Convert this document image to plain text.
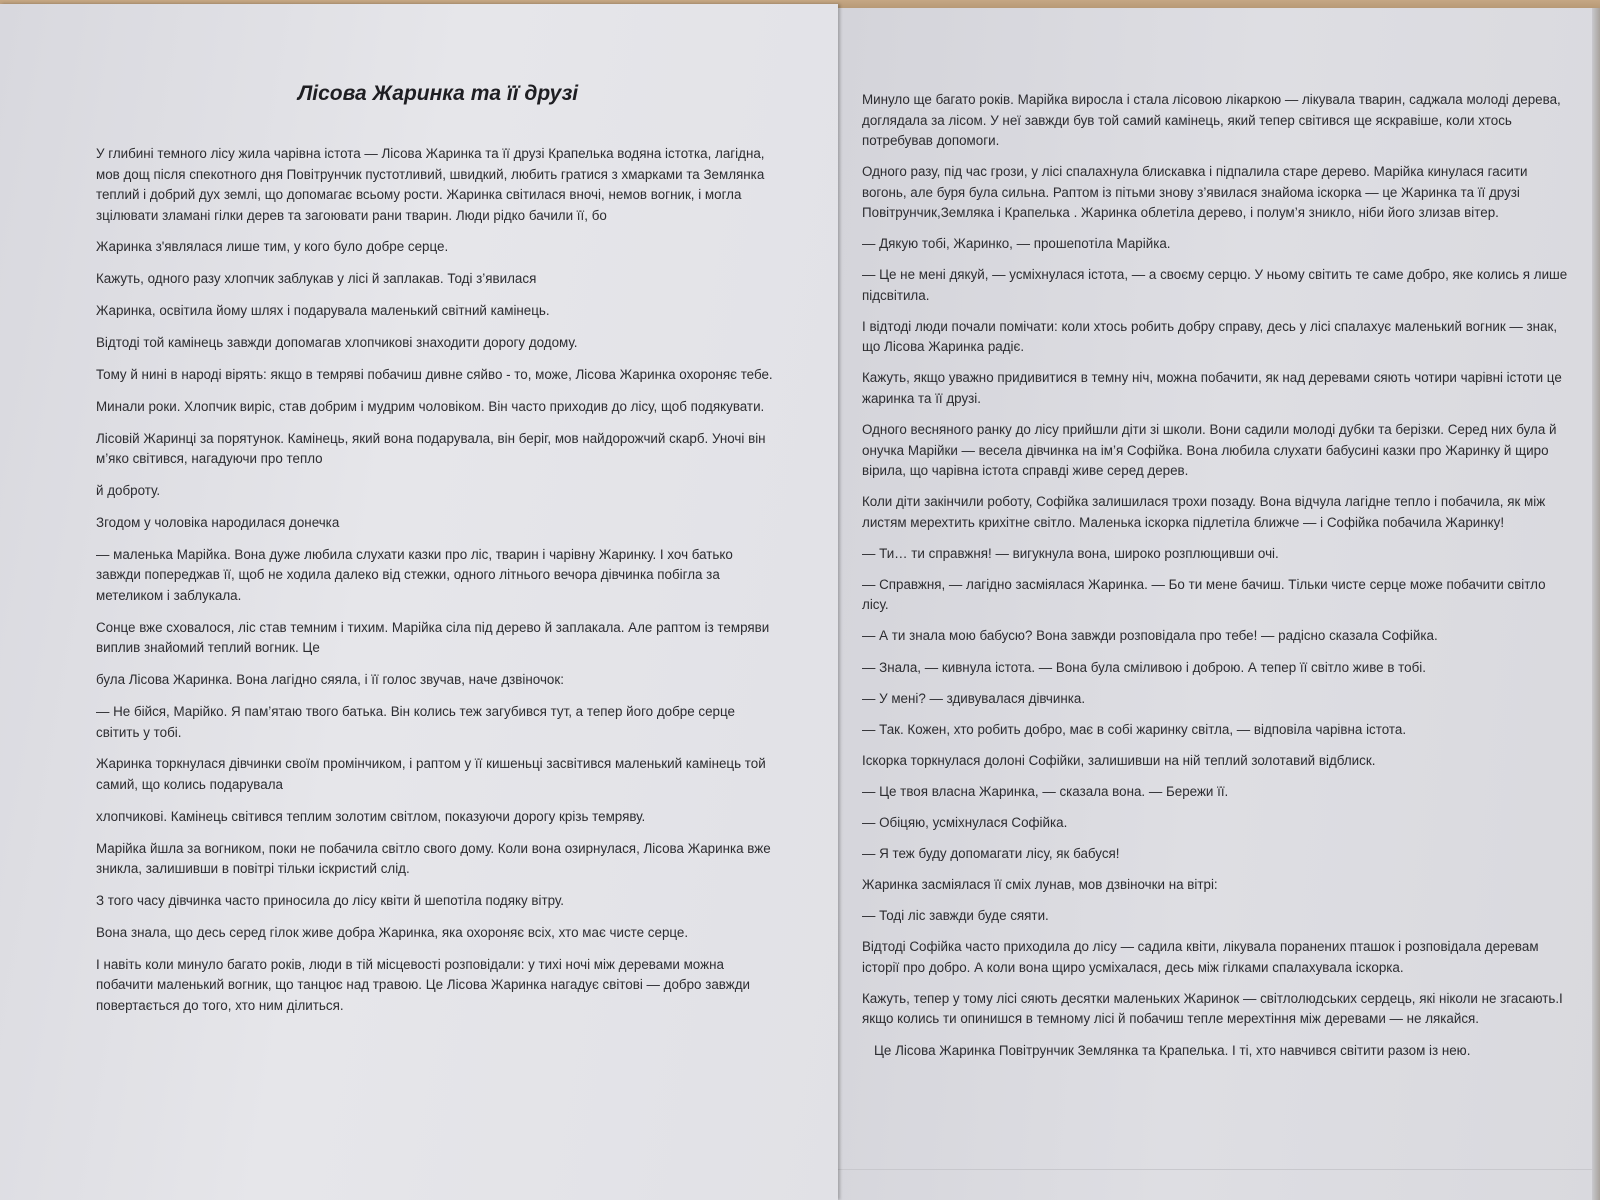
Лісова Жаринка та її друзі

У глибині темного лісу жила чарівна істота — Лісова Жаринка та її друзі Крапелька водяна істотка, лагідна, мов дощ після спекотного дня Повітрунчик пустотливий, швидкий, любить гратися з хмарками та Землянка теплий і добрий дух землі, що допомагає всьому рости. Жаринка світилася вночі, немов вогник, і могла зцілювати зламані гілки дерев та загоювати рани тварин. Люди рідко бачили її, бо

Жаринка з'являлася лише тим, у кого було добре серце.

Кажуть, одного разу хлопчик заблукав у лісі й заплакав. Тоді з’явилася

Жаринка, освітила йому шлях і подарувала маленький світний камінець.

Відтоді той камінець завжди допомагав хлопчикові знаходити дорогу додому.

Тому й нині в народі вірять: якщо в темряві побачиш дивне сяйво - то, може, Лісова Жаринка охороняє тебе.

Минали роки. Хлопчик виріс, став добрим і мудрим чоловіком. Він часто приходив до лісу, щоб подякувати.

Лісовій Жаринці за порятунок. Камінець, який вона подарувала, він беріг, мов найдорожчий скарб. Уночі він м’яко світився, нагадуючи про тепло

й доброту.

Згодом у чоловіка народилася донечка

— маленька Марійка. Вона дуже любила слухати казки про ліс, тварин і чарівну Жаринку. І хоч батько завжди попереджав її, щоб не ходила далеко від стежки, одного літнього вечора дівчинка побігла за метеликом і заблукала.

Сонце вже сховалося, ліс став темним і тихим. Марійка сіла під дерево й заплакала. Але раптом із темряви виплив знайомий теплий вогник. Це

була Лісова Жаринка. Вона лагідно сяяла, і її голос звучав, наче дзвіночок:

— Не бійся, Марійко. Я пам’ятаю твого батька. Він колись теж загубився тут, а тепер його добре серце світить у тобі.

Жаринка торкнулася дівчинки своїм промінчиком, і раптом у її кишеньці засвітився маленький камінець той самий, що колись подарувала

хлопчикові. Камінець світився теплим золотим світлом, показуючи дорогу крізь темряву.

Марійка йшла за вогником, поки не побачила світло свого дому. Коли вона озирнулася, Лісова Жаринка вже зникла, залишивши в повітрі тільки іскристий слід.

З того часу дівчинка часто приносила до лісу квіти й шепотіла подяку вітру.

Вона знала, що десь серед гілок живе добра Жаринка, яка охороняє всіх, хто має чисте серце.

І навіть коли минуло багато років, люди в тій місцевості розповідали: у тихі ночі між деревами можна побачити маленький вогник, що танцює над травою. Це Лісова Жаринка нагадує світові — добро завжди повертається до того, хто ним ділиться.

Минуло ще багато років. Марійка виросла і стала лісовою лікаркою — лікувала тварин, саджала молоді дерева, доглядала за лісом. У неї завжди був той самий камінець, який тепер світився ще яскравіше, коли хтось потребував допомоги.

Одного разу, під час грози, у лісі спалахнула блискавка і підпалила старе дерево. Марійка кинулася гасити вогонь, але буря була сильна. Раптом із пітьми знову з’явилася знайома іскорка — це Жаринка та її друзі Повітрунчик,Земляка і Крапелька . Жаринка облетіла дерево, і полум’я зникло, ніби його злизав вітер.

— Дякую тобі, Жаринко, — прошепотіла Марійка.

— Це не мені дякуй, — усміхнулася істота, — а своєму серцю. У ньому світить те саме добро, яке колись я лише підсвітила.

І відтоді люди почали помічати: коли хтось робить добру справу, десь у лісі спалахує маленький вогник — знак, що Лісова Жаринка радіє.

Кажуть, якщо уважно придивитися в темну ніч, можна побачити, як над деревами сяють чотири чарівні істоти це жаринка та її друзі.

Одного весняного ранку до лісу прийшли діти зі школи. Вони садили молоді дубки та берізки. Серед них була й онучка Марійки — весела дівчинка на ім’я Софійка. Вона любила слухати бабусині казки про Жаринку й щиро вірила, що чарівна істота справді живе серед дерев.

Коли діти закінчили роботу, Софійка залишилася трохи позаду. Вона відчула лагідне тепло і побачила, як між листям мерехтить крихітне світло. Маленька іскорка підлетіла ближче — і Софійка побачила Жаринку!

— Ти… ти справжня! — вигукнула вона, широко розплющивши очі.

— Справжня, — лагідно засміялася Жаринка. — Бо ти мене бачиш. Тільки чисте серце може побачити світло лісу.

— А ти знала мою бабусю? Вона завжди розповідала про тебе! — радісно сказала Софійка.

— Знала, — кивнула істота. — Вона була сміливою і доброю. А тепер її світло живе в тобі.

— У мені? — здивувалася дівчинка.

— Так. Кожен, хто робить добро, має в собі жаринку світла, — відповіла чарівна істота.

Іскорка торкнулася долоні Софійки, залишивши на ній теплий золотавий відблиск.

— Це твоя власна Жаринка, — сказала вона. — Бережи її.

— Обіцяю, усміхнулася Софійка.

— Я теж буду допомагати лісу, як бабуся!

Жаринка засміялася її сміх лунав, мов дзвіночки на вітрі:

— Тоді ліс завжди буде сяяти.

Відтоді Софійка часто приходила до лісу — садила квіти, лікувала поранених пташок і розповідала деревам історії про добро. А коли вона щиро усміхалася, десь між гілками спалахувала іскорка.

Кажуть, тепер у тому лісі сяють десятки маленьких Жаринок — світлолюдських сердець, які ніколи не згасають.І якщо колись ти опинишся в темному лісі й побачиш тепле мерехтіння між деревами — не лякайся.

Це Лісова Жаринка Повітрунчик Землянка та Крапелька. І ті, хто навчився світити разом із нею.
